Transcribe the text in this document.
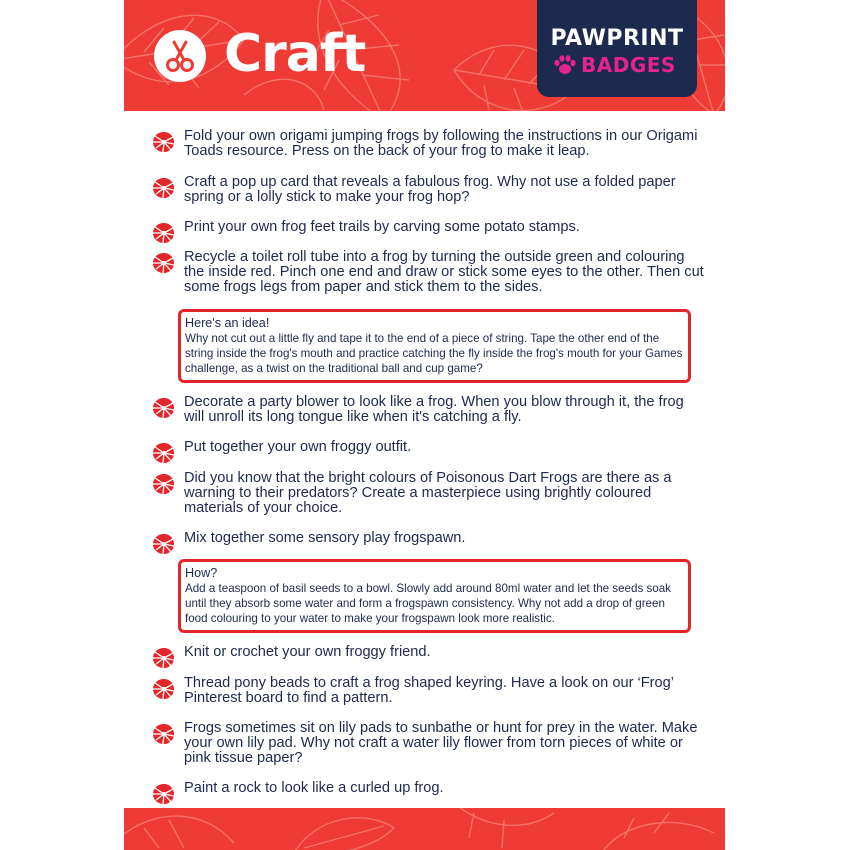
Craft	PAWPRINT
BADGES
Fold your own origami jumping frogs by following the instructions in our Origami Toads resource. Press on the back of your frog to make it leap.
Craft a pop up card that reveals a fabulous frog. Why not use a folded paper spring or a lolly stick to make your frog hop?
Print your own frog feet trails by carving some potato stamps.
Recycle a toilet roll tube into a frog by turning the outside green and colouring the inside red. Pinch one end and draw or stick some eyes to the other. Then cut some frogs legs from paper and stick them to the sides.
Here's an idea!
Why not cut out a little fly and tape it to the end of a piece of string. Tape the other end of the string inside the frog's mouth and practice catching the fly inside the frog's mouth for your Games challenge, as a twist on the traditional ball and cup game?
Decorate a party blower to look like a frog. When you blow through it, the frog will unroll its long tongue like when it's catching a fly.
Put together your own froggy outfit.
Did you know that the bright colours of Poisonous Dart Frogs are there as a warning to their predators? Create a masterpiece using brightly coloured materials of your choice.
Mix together some sensory play frogspawn.
How?
Add a teaspoon of basil seeds to a bowl. Slowly add around 80ml water and let the seeds soak until they absorb some water and form a frogspawn consistency. Why not add a drop of green food colouring to your water to make your frogspawn look more realistic.
Knit or crochet your own froggy friend.
Thread pony beads to craft a frog shaped keyring. Have a look on our ‘Frog’ Pinterest board to find a pattern.
Frogs sometimes sit on lily pads to sunbathe or hunt for prey in the water. Make your own lily pad. Why not craft a water lily flower from torn pieces of white or pink tissue paper?
Paint a rock to look like a curled up frog.
